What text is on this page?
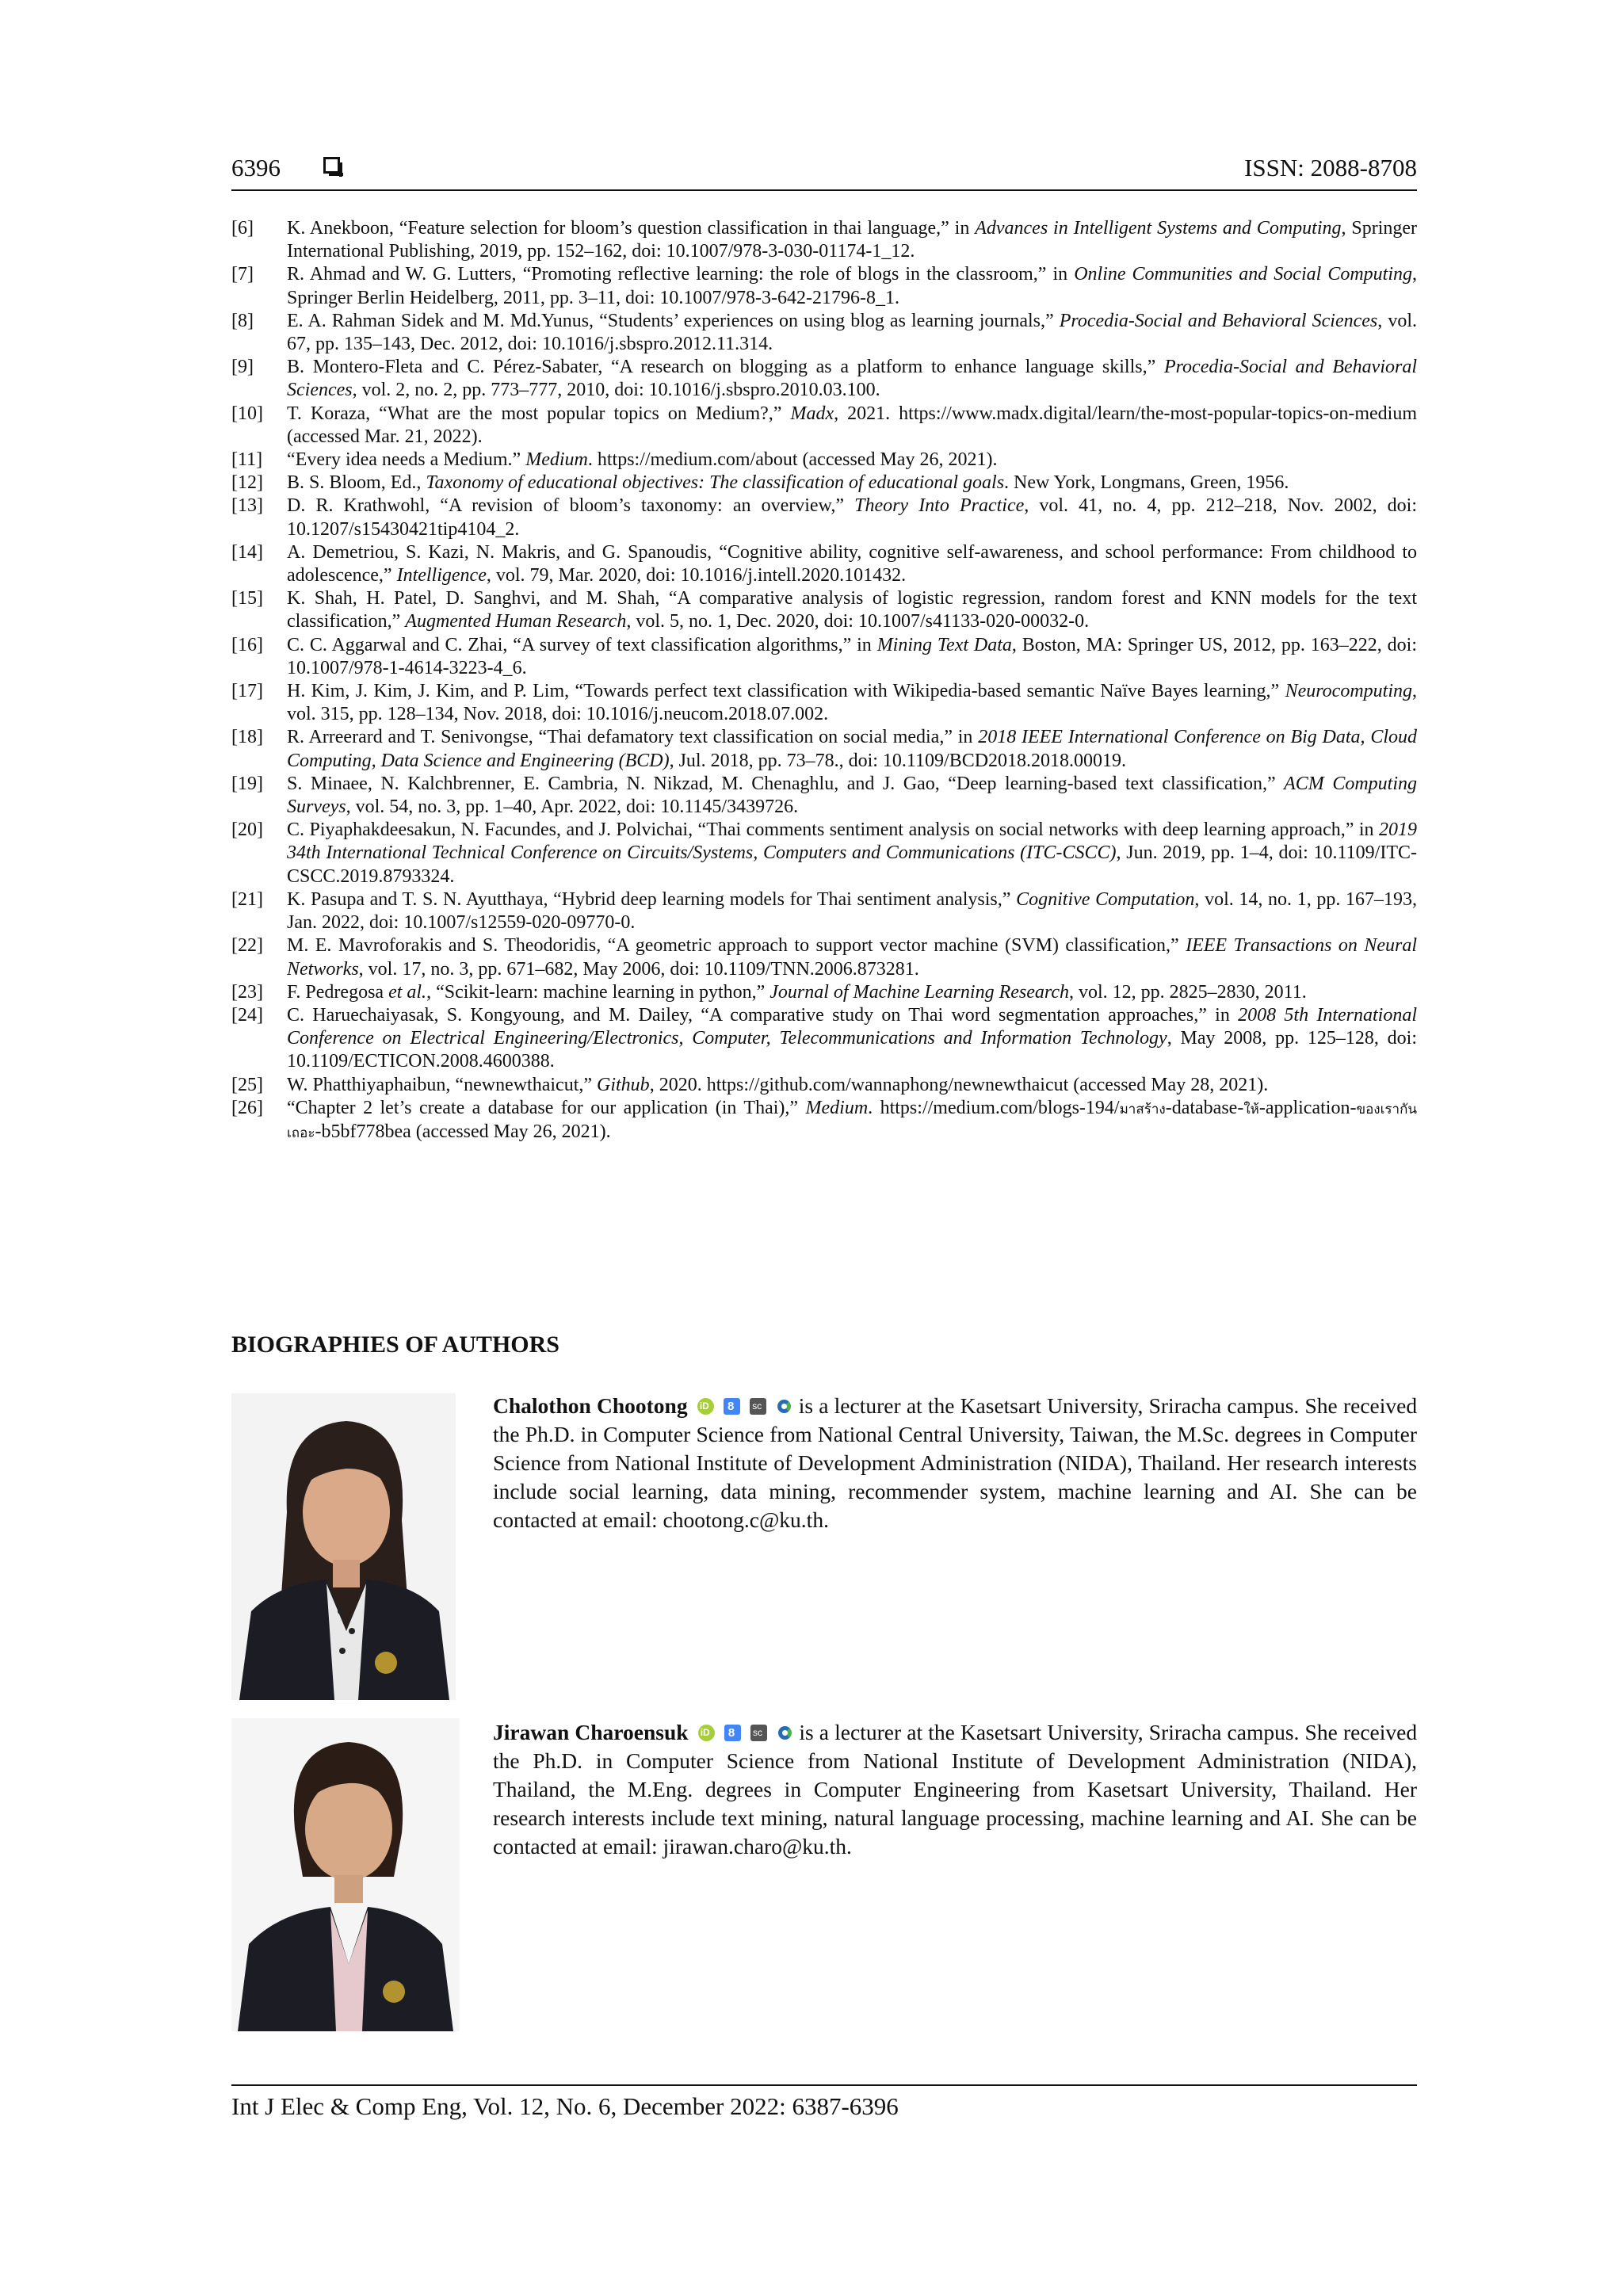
6396	ISSN: 2088-8708
[6] K. Anekboon, “Feature selection for bloom’s question classification in thai language,” in Advances in Intelligent Systems and Computing, Springer International Publishing, 2019, pp. 152–162, doi: 10.1007/978-3-030-01174-1_12.
[7] R. Ahmad and W. G. Lutters, “Promoting reflective learning: the role of blogs in the classroom,” in Online Communities and Social Computing, Springer Berlin Heidelberg, 2011, pp. 3–11, doi: 10.1007/978-3-642-21796-8_1.
[8] E. A. Rahman Sidek and M. Md.Yunus, “Students’ experiences on using blog as learning journals,” Procedia-Social and Behavioral Sciences, vol. 67, pp. 135–143, Dec. 2012, doi: 10.1016/j.sbspro.2012.11.314.
[9] B. Montero-Fleta and C. Pérez-Sabater, “A research on blogging as a platform to enhance language skills,” Procedia-Social and Behavioral Sciences, vol. 2, no. 2, pp. 773–777, 2010, doi: 10.1016/j.sbspro.2010.03.100.
[10] T. Koraza, “What are the most popular topics on Medium?,” Madx, 2021. https://www.madx.digital/learn/the-most-popular-topics-on-medium (accessed Mar. 21, 2022).
[11] “Every idea needs a Medium.” Medium. https://medium.com/about (accessed May 26, 2021).
[12] B. S. Bloom, Ed., Taxonomy of educational objectives: The classification of educational goals. New York, Longmans, Green, 1956.
[13] D. R. Krathwohl, “A revision of bloom’s taxonomy: an overview,” Theory Into Practice, vol. 41, no. 4, pp. 212–218, Nov. 2002, doi: 10.1207/s15430421tip4104_2.
[14] A. Demetriou, S. Kazi, N. Makris, and G. Spanoudis, “Cognitive ability, cognitive self-awareness, and school performance: From childhood to adolescence,” Intelligence, vol. 79, Mar. 2020, doi: 10.1016/j.intell.2020.101432.
[15] K. Shah, H. Patel, D. Sanghvi, and M. Shah, “A comparative analysis of logistic regression, random forest and KNN models for the text classification,” Augmented Human Research, vol. 5, no. 1, Dec. 2020, doi: 10.1007/s41133-020-00032-0.
[16] C. C. Aggarwal and C. Zhai, “A survey of text classification algorithms,” in Mining Text Data, Boston, MA: Springer US, 2012, pp. 163–222, doi: 10.1007/978-1-4614-3223-4_6.
[17] H. Kim, J. Kim, J. Kim, and P. Lim, “Towards perfect text classification with Wikipedia-based semantic Naïve Bayes learning,” Neurocomputing, vol. 315, pp. 128–134, Nov. 2018, doi: 10.1016/j.neucom.2018.07.002.
[18] R. Arreerard and T. Senivongse, “Thai defamatory text classification on social media,” in 2018 IEEE International Conference on Big Data, Cloud Computing, Data Science and Engineering (BCD), Jul. 2018, pp. 73–78., doi: 10.1109/BCD2018.2018.00019.
[19] S. Minaee, N. Kalchbrenner, E. Cambria, N. Nikzad, M. Chenaghlu, and J. Gao, “Deep learning-based text classification,” ACM Computing Surveys, vol. 54, no. 3, pp. 1–40, Apr. 2022, doi: 10.1145/3439726.
[20] C. Piyaphakdeesakun, N. Facundes, and J. Polvichai, “Thai comments sentiment analysis on social networks with deep learning approach,” in 2019 34th International Technical Conference on Circuits/Systems, Computers and Communications (ITC-CSCC), Jun. 2019, pp. 1–4, doi: 10.1109/ITC-CSCC.2019.8793324.
[21] K. Pasupa and T. S. N. Ayutthaya, “Hybrid deep learning models for Thai sentiment analysis,” Cognitive Computation, vol. 14, no. 1, pp. 167–193, Jan. 2022, doi: 10.1007/s12559-020-09770-0.
[22] M. E. Mavroforakis and S. Theodoridis, “A geometric approach to support vector machine (SVM) classification,” IEEE Transactions on Neural Networks, vol. 17, no. 3, pp. 671–682, May 2006, doi: 10.1109/TNN.2006.873281.
[23] F. Pedregosa et al., “Scikit-learn: machine learning in python,” Journal of Machine Learning Research, vol. 12, pp. 2825–2830, 2011.
[24] C. Haruechaiyasak, S. Kongyoung, and M. Dailey, “A comparative study on Thai word segmentation approaches,” in 2008 5th International Conference on Electrical Engineering/Electronics, Computer, Telecommunications and Information Technology, May 2008, pp. 125–128, doi: 10.1109/ECTICON.2008.4600388.
[25] W. Phatthiyaphaibun, “newnewthaicut,” Github, 2020. https://github.com/wannaphong/newnewthaicut (accessed May 28, 2021).
[26] “Chapter 2 let’s create a database for our application (in Thai),” Medium. https://medium.com/blogs-194/มาสร้าง-database-ให้-application-ของเรากันเถอะ-b5bf778bea (accessed May 26, 2021).
BIOGRAPHIES OF AUTHORS
Chalothon Chootong iD 8 sc	is a lecturer at the Kasetsart University, Sriracha campus. She received the Ph.D. in Computer Science from National Central University, Taiwan, the M.Sc. degrees in Computer Science from National Institute of Development Administration (NIDA), Thailand. Her research interests include social learning, data mining, recommender system, machine learning and AI. She can be contacted at email: chootong.c@ku.th.
Jirawan Charoensuk iD 8 sc	is a lecturer at the Kasetsart University, Sriracha campus. She received the Ph.D. in Computer Science from National Institute of Development Administration (NIDA), Thailand, the M.Eng. degrees in Computer Engineering from Kasetsart University, Thailand. Her research interests include text mining, natural language processing, machine learning and AI. She can be contacted at email: jirawan.charo@ku.th.
Int J Elec & Comp Eng, Vol. 12, No. 6, December 2022: 6387-6396
